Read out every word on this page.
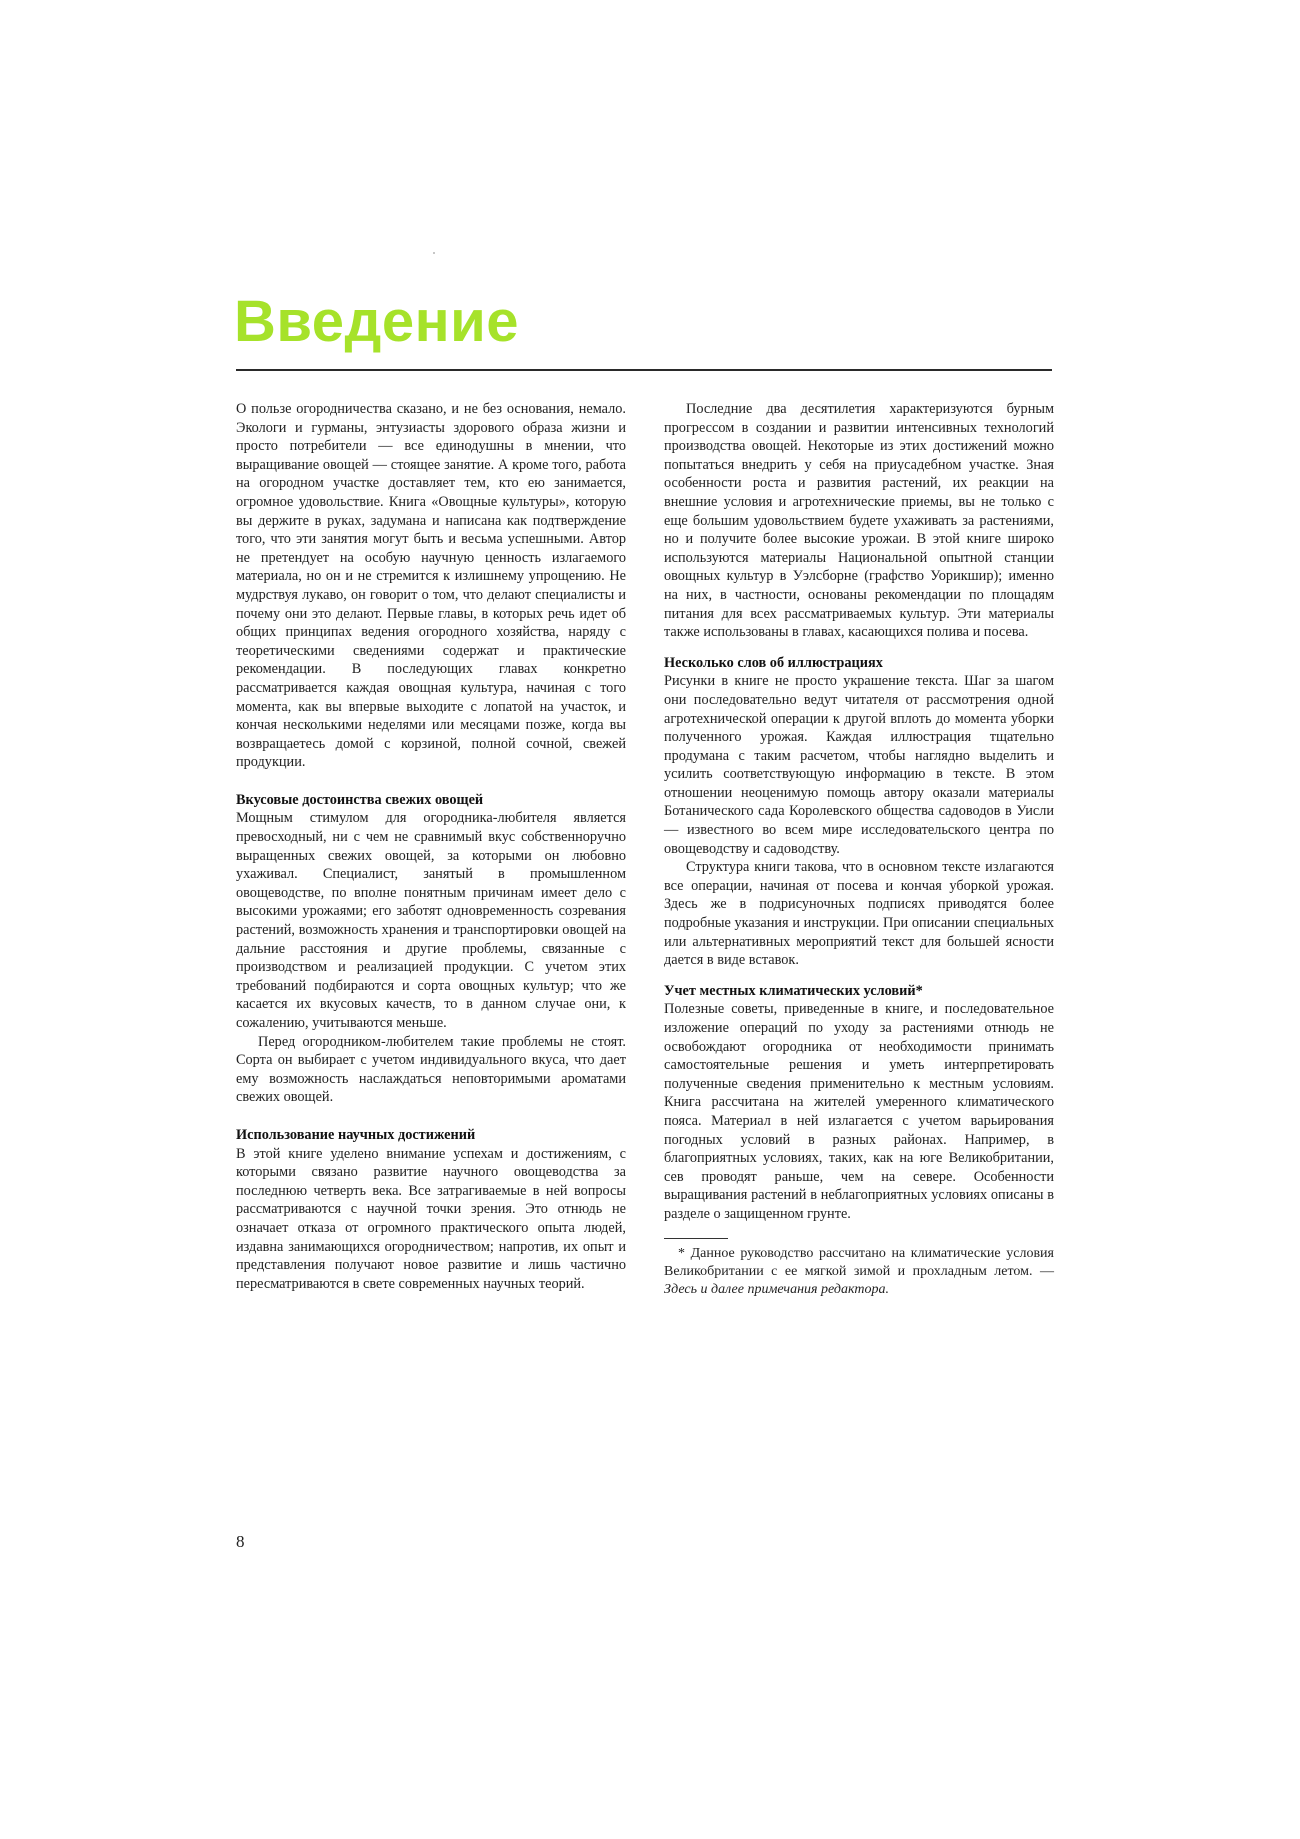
Введение

О пользе огородничества сказано, и не без основания, немало. Экологи и гурманы, энтузиасты здорового образа жизни и просто потребители — все единодушны в мнении, что выращивание овощей — стоящее занятие. А кроме того, работа на огородном участке доставляет тем, кто ею занимается, огромное удовольствие. Книга «Овощные культуры», которую вы держите в руках, задумана и написана как подтверждение того, что эти занятия могут быть и весьма успешными. Автор не претендует на особую научную ценность излагаемого материала, но он и не стремится к излишнему упрощению. Не мудрствуя лукаво, он говорит о том, что делают специалисты и почему они это делают. Первые главы, в которых речь идет об общих принципах ведения огородного хозяйства, наряду с теоретическими сведениями содержат и практические рекомендации. В последующих главах конкретно рассматривается каждая овощная культура, начиная с того момента, как вы впервые выходите с лопатой на участок, и кончая несколькими неделями или месяцами позже, когда вы возвращаетесь домой с корзиной, полной сочной, свежей продукции.

Вкусовые достоинства свежих овощей

Мощным стимулом для огородника-любителя является превосходный, ни с чем не сравнимый вкус собственноручно выращенных свежих овощей, за которыми он любовно ухаживал. Специалист, занятый в промышленном овощеводстве, по вполне понятным причинам имеет дело с высокими урожаями; его заботят одновременность созревания растений, возможность хранения и транспортировки овощей на дальние расстояния и другие проблемы, связанные с производством и реализацией продукции. С учетом этих требований подбираются и сорта овощных культур; что же касается их вкусовых качеств, то в данном случае они, к сожалению, учитываются меньше.

Перед огородником-любителем такие проблемы не стоят. Сорта он выбирает с учетом индивидуального вкуса, что дает ему возможность наслаждаться неповторимыми ароматами свежих овощей.

Использование научных достижений

В этой книге уделено внимание успехам и достижениям, с которыми связано развитие научного овощеводства за последнюю четверть века. Все затрагиваемые в ней вопросы рассматриваются с научной точки зрения. Это отнюдь не означает отказа от огромного практического опыта людей, издавна занимающихся огородничеством; напротив, их опыт и представления получают новое развитие и лишь частично пересматриваются в свете современных научных теорий.

Последние два десятилетия характеризуются бурным прогрессом в создании и развитии интенсивных технологий производства овощей. Некоторые из этих достижений можно попытаться внедрить у себя на приусадебном участке. Зная особенности роста и развития растений, их реакции на внешние условия и агротехнические приемы, вы не только с еще большим удовольствием будете ухаживать за растениями, но и получите более высокие урожаи. В этой книге широко используются материалы Национальной опытной станции овощных культур в Уэлсборне (графство Уорикшир); именно на них, в частности, основаны рекомендации по площадям питания для всех рассматриваемых культур. Эти материалы также использованы в главах, касающихся полива и посева.

Несколько слов об иллюстрациях

Рисунки в книге не просто украшение текста. Шаг за шагом они последовательно ведут читателя от рассмотрения одной агротехнической операции к другой вплоть до момента уборки полученного урожая. Каждая иллюстрация тщательно продумана с таким расчетом, чтобы наглядно выделить и усилить соответствующую информацию в тексте. В этом отношении неоценимую помощь автору оказали материалы Ботанического сада Королевского общества садоводов в Уисли — известного во всем мире исследовательского центра по овощеводству и садоводству.

Структура книги такова, что в основном тексте излагаются все операции, начиная от посева и кончая уборкой урожая. Здесь же в подрисуночных подписях приводятся более подробные указания и инструкции. При описании специальных или альтернативных мероприятий текст для большей ясности дается в виде вставок.

Учет местных климатических условий*

Полезные советы, приведенные в книге, и последовательное изложение операций по уходу за растениями отнюдь не освобождают огородника от необходимости принимать самостоятельные решения и уметь интерпретировать полученные сведения применительно к местным условиям. Книга рассчитана на жителей умеренного климатического пояса. Материал в ней излагается с учетом варьирования погодных условий в разных районах. Например, в благоприятных условиях, таких, как на юге Великобритании, сев проводят раньше, чем на севере. Особенности выращивания растений в неблагоприятных условиях описаны в разделе о защищенном грунте.

* Данное руководство рассчитано на климатические условия Великобритании с ее мягкой зимой и прохладным летом. — Здесь и далее примечания редактора.

8
